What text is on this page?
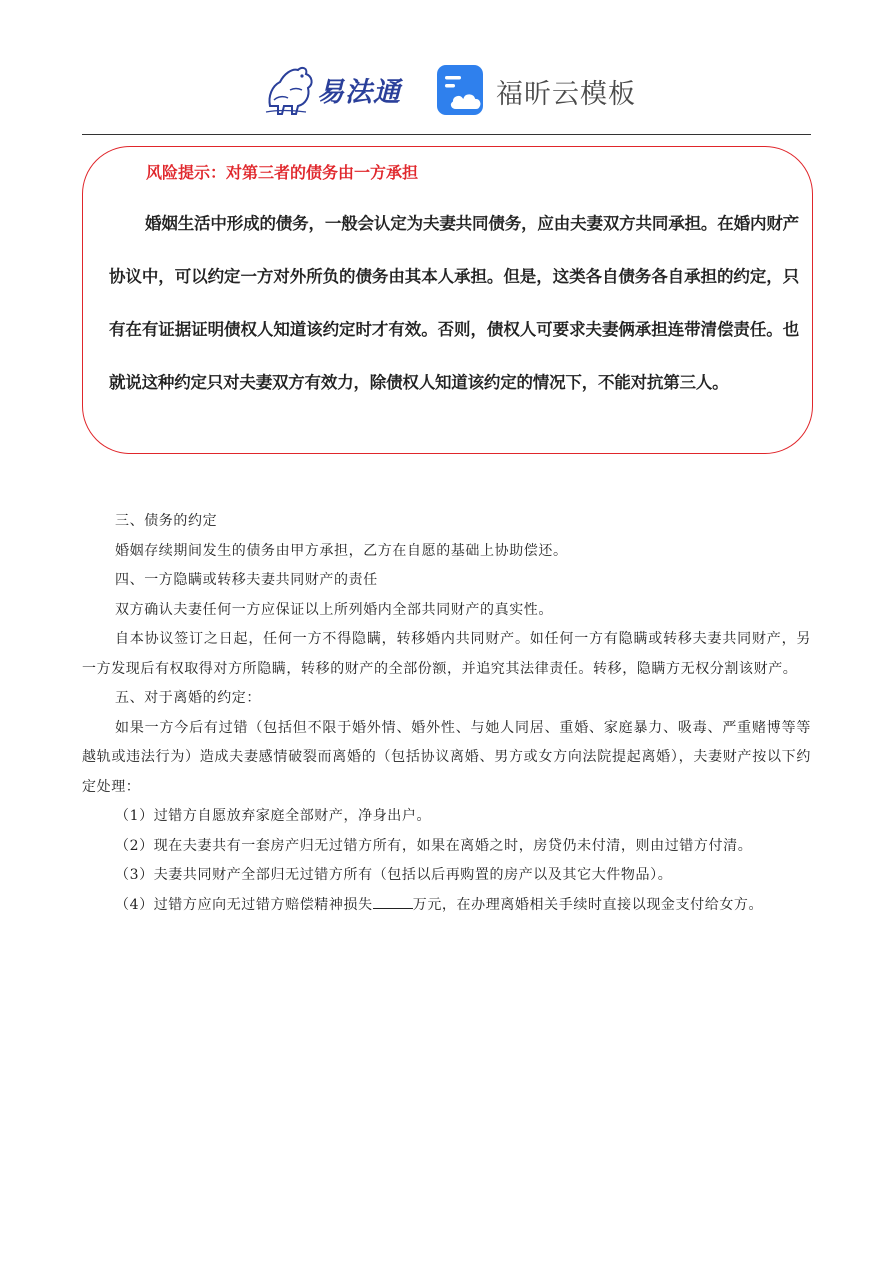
易法通	福昕云模板
风险提示：对第三者的债务由一方承担
婚姻生活中形成的债务，一般会认定为夫妻共同债务，应由夫妻双方共同承担。在婚内财产协议中，可以约定一方对外所负的债务由其本人承担。但是，这类各自债务各自承担的约定，只有在有证据证明债权人知道该约定时才有效。否则，债权人可要求夫妻俩承担连带清偿责任。也就说这种约定只对夫妻双方有效力，除债权人知道该约定的情况下，不能对抗第三人。

三、债务的约定

婚姻存续期间发生的债务由甲方承担，乙方在自愿的基础上协助偿还。

四、一方隐瞒或转移夫妻共同财产的责任

双方确认夫妻任何一方应保证以上所列婚内全部共同财产的真实性。

自本协议签订之日起，任何一方不得隐瞒，转移婚内共同财产。如任何一方有隐瞒或转移夫妻共同财产，另一方发现后有权取得对方所隐瞒，转移的财产的全部份额，并追究其法律责任。转移，隐瞒方无权分割该财产。

五、对于离婚的约定：

如果一方今后有过错（包括但不限于婚外情、婚外性、与她人同居、重婚、家庭暴力、吸毒、严重赌博等等越轨或违法行为）造成夫妻感情破裂而离婚的（包括协议离婚、男方或女方向法院提起离婚），夫妻财产按以下约定处理：

（1）过错方自愿放弃家庭全部财产，净身出户。

（2）现在夫妻共有一套房产归无过错方所有，如果在离婚之时，房贷仍未付清，则由过错方付清。

（3）夫妻共同财产全部归无过错方所有（包括以后再购置的房产以及其它大件物品）。

（4）过错方应向无过错方赔偿精神损失	万元，在办理离婚相关手续时直接以现金支付给女方。
